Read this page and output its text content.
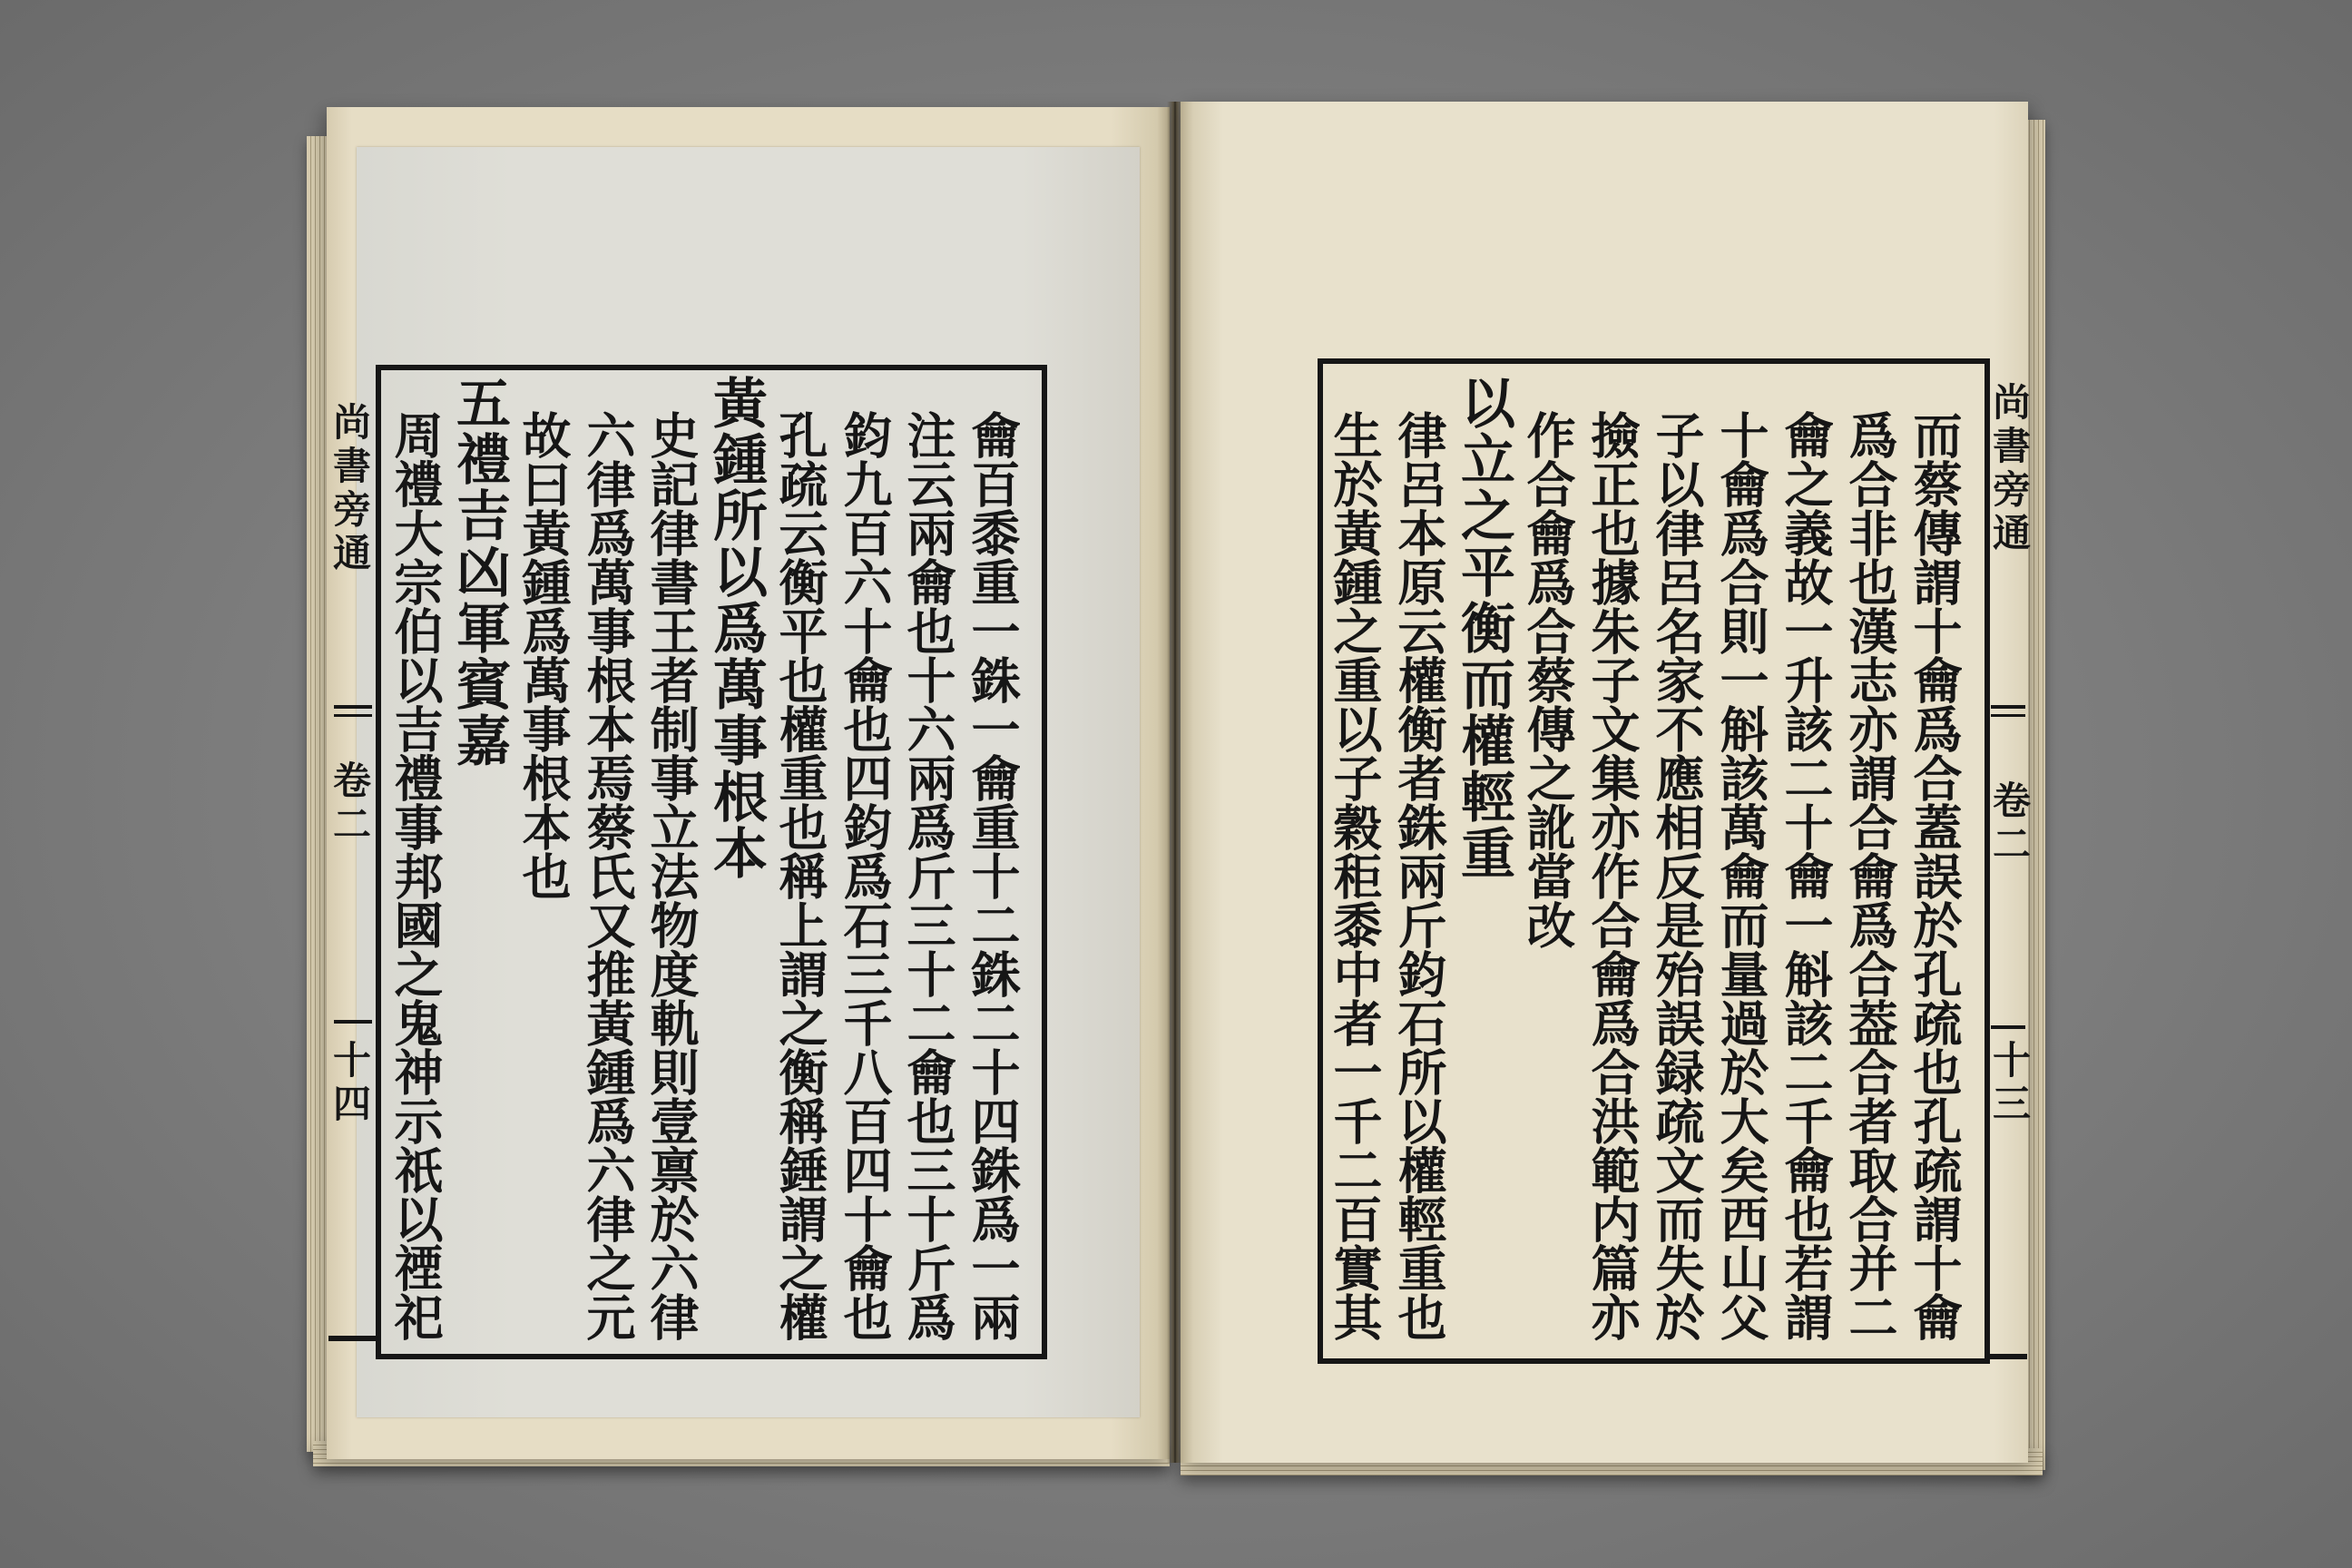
尚書旁通
卷二
十四	龠百黍重一銖一龠重十二銖二十四銖爲一兩
注云兩龠也十六兩爲斤三十二龠也三十斤爲
鈞九百六十龠也四鈞爲石三千八百四十龠也
孔疏云衡平也權重也稱上謂之衡稱錘謂之權
黃鍾所以爲萬事根本
史記律書王者制事立法物度軌則壹禀於六律
六律爲萬事根本焉蔡氏又推黃鍾爲六律之元
故曰黃鍾爲萬事根本也
五禮吉凶軍賓嘉
周禮大宗伯以吉禮事邦國之鬼神示祇以禋祀	尚書旁通
卷二
十三
而蔡傳謂十龠爲合蓋誤於孔疏也孔疏謂十龠
爲合非也漢志亦謂合龠爲合葢合者取合并二
龠之義故一升該二十龠一斛該二千龠也若謂
十龠爲合則一斛該萬龠而量過於大矣西山父
子以律呂名家不應相反是殆誤録疏文而失於
撿正也據朱子文集亦作合龠爲合洪範内篇亦
作合龠爲合蔡傳之訛當改
以立之平衡而權輕重
律呂本原云權衡者銖兩斤鈞石所以權輕重也
生於黃鍾之重以子穀秬黍中者一千二百實其
